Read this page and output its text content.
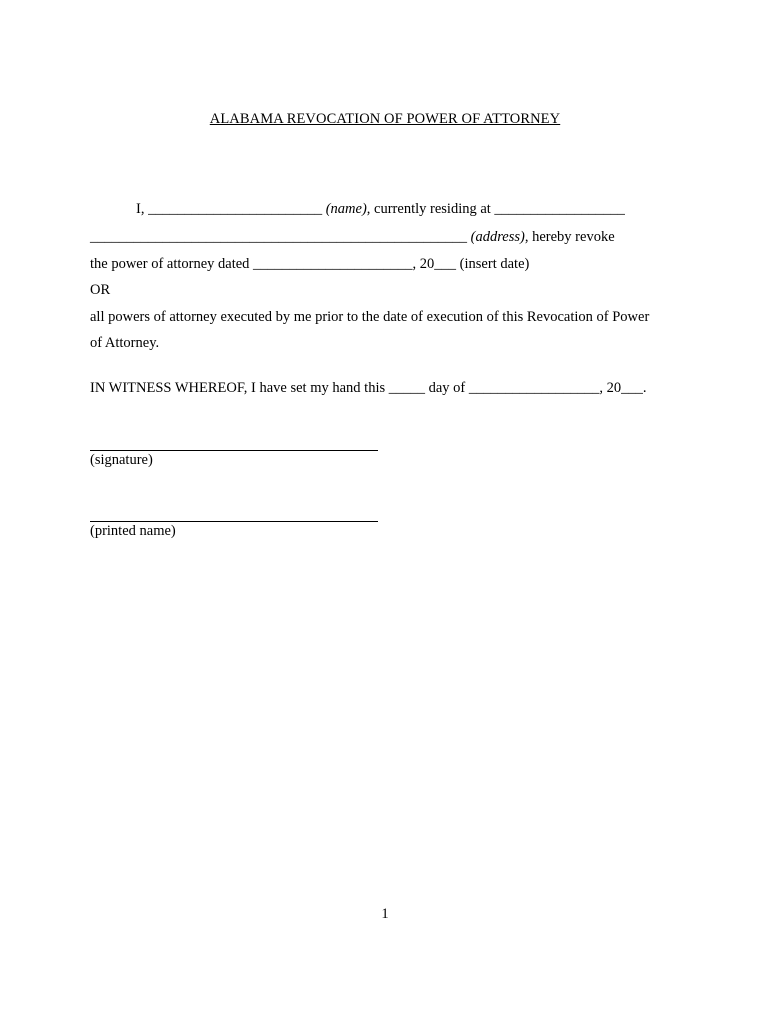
ALABAMA REVOCATION OF POWER OF ATTORNEY
I, ________________________ (name), currently residing at __________________
____________________________________________________ (address), hereby revoke
the power of attorney dated ______________________, 20___ (insert date)
OR
all powers of attorney executed by me prior to the date of execution of this Revocation of Power
of Attorney.
IN WITNESS WHEREOF, I have set my hand this _____ day of __________________, 20___.
(signature)
(printed name)
1
